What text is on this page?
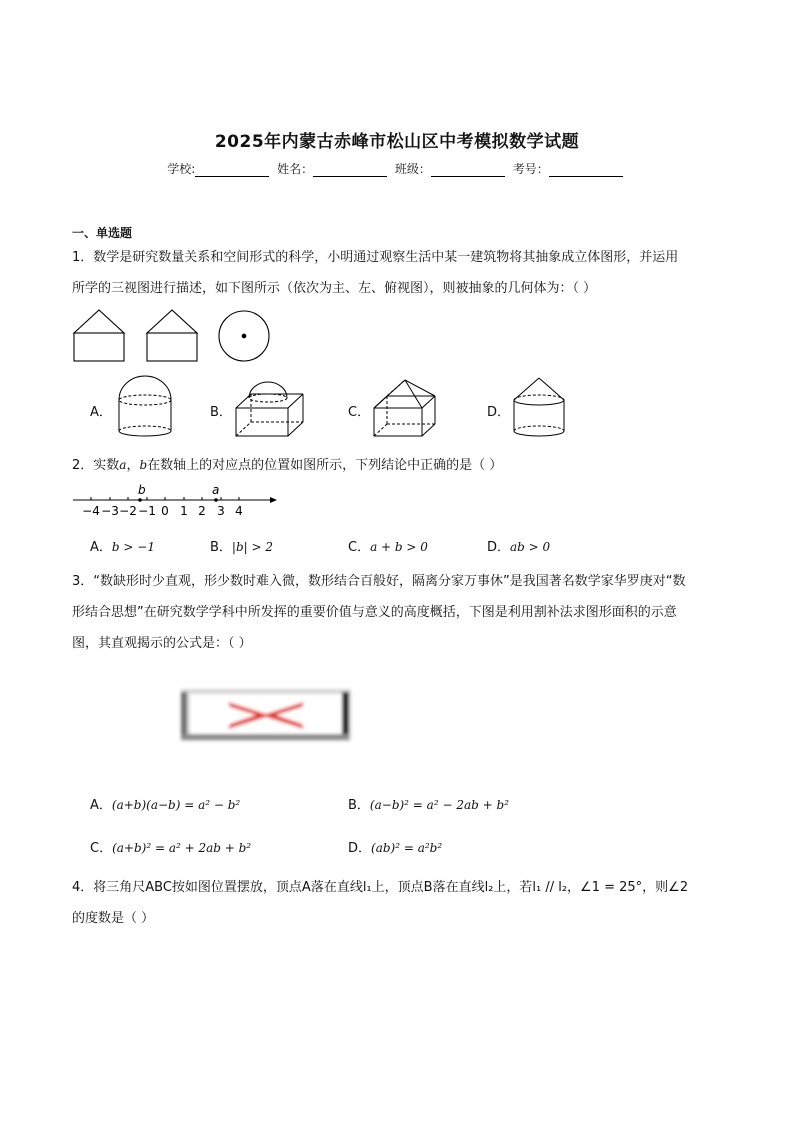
2025年内蒙古赤峰市松山区中考模拟数学试题
学校:	姓名：	班级：	考号：
一、单选题
1．数学是研究数量关系和空间形式的科学，小明通过观察生活中某一建筑物将其抽象成立体图形，并运用
所学的三视图进行描述，如下图所示（依次为主、左、俯视图），则被抽象的几何体为：（ ）
A．	B．	C．	D．
2．实数a，b在数轴上的对应点的位置如图所示，下列结论中正确的是（ ）
b	a
−4 −3 −2 −1 0 1 2 3 4
A．b > −1	B．|b| > 2	C．a + b > 0	D．ab > 0
3．“数缺形时少直观，形少数时难入微，数形结合百般好，隔离分家万事休”是我国著名数学家华罗庚对“数
形结合思想”在研究数学学科中所发挥的重要价值与意义的高度概括，下图是利用割补法求图形面积的示意
图，其直观揭示的公式是：（ ）
A．(a+b)(a−b) = a² − b²	B．(a−b)² = a² − 2ab + b²
C．(a+b)² = a² + 2ab + b²	D．(ab)² = a²b²
4．将三角尺ABC按如图位置摆放，顶点A落在直线l₁上，顶点B落在直线l₂上，若l₁ // l₂，∠1 = 25°，则∠2
的度数是（ ）
